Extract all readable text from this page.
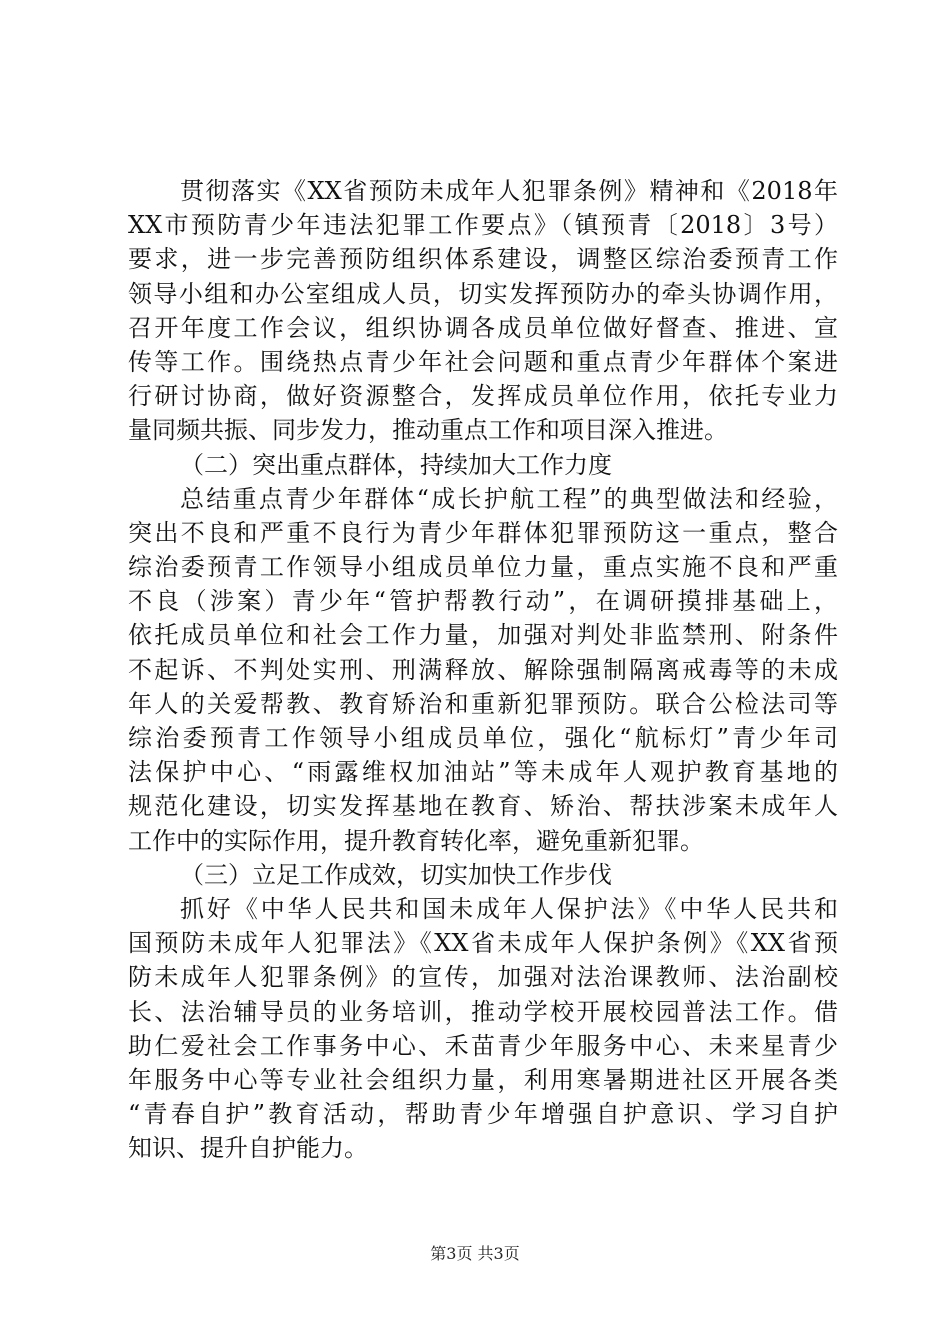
贯彻落实《XX省预防未成年人犯罪条例》精神和《2018年
XX市预防青少年违法犯罪工作要点》（镇预青〔2018〕3号）
要求，进一步完善预防组织体系建设，调整区综治委预青工作
领导小组和办公室组成人员，切实发挥预防办的牵头协调作用，
召开年度工作会议，组织协调各成员单位做好督查、推进、宣
传等工作。围绕热点青少年社会问题和重点青少年群体个案进
行研讨协商，做好资源整合，发挥成员单位作用，依托专业力
量同频共振、同步发力，推动重点工作和项目深入推进。
（二）突出重点群体，持续加大工作力度
总结重点青少年群体“成长护航工程”的典型做法和经验，
突出不良和严重不良行为青少年群体犯罪预防这一重点，整合
综治委预青工作领导小组成员单位力量，重点实施不良和严重
不良（涉案）青少年“管护帮教行动”，在调研摸排基础上，
依托成员单位和社会工作力量，加强对判处非监禁刑、附条件
不起诉、不判处实刑、刑满释放、解除强制隔离戒毒等的未成
年人的关爱帮教、教育矫治和重新犯罪预防。联合公检法司等
综治委预青工作领导小组成员单位，强化“航标灯”青少年司
法保护中心、“雨露维权加油站”等未成年人观护教育基地的
规范化建设，切实发挥基地在教育、矫治、帮扶涉案未成年人
工作中的实际作用，提升教育转化率，避免重新犯罪。
（三）立足工作成效，切实加快工作步伐
抓好《中华人民共和国未成年人保护法》《中华人民共和
国预防未成年人犯罪法》《XX省未成年人保护条例》《XX省预
防未成年人犯罪条例》的宣传，加强对法治课教师、法治副校
长、法治辅导员的业务培训，推动学校开展校园普法工作。借
助仁爱社会工作事务中心、禾苗青少年服务中心、未来星青少
年服务中心等专业社会组织力量，利用寒暑期进社区开展各类
“青春自护”教育活动，帮助青少年增强自护意识、学习自护
知识、提升自护能力。
第3页 共3页
